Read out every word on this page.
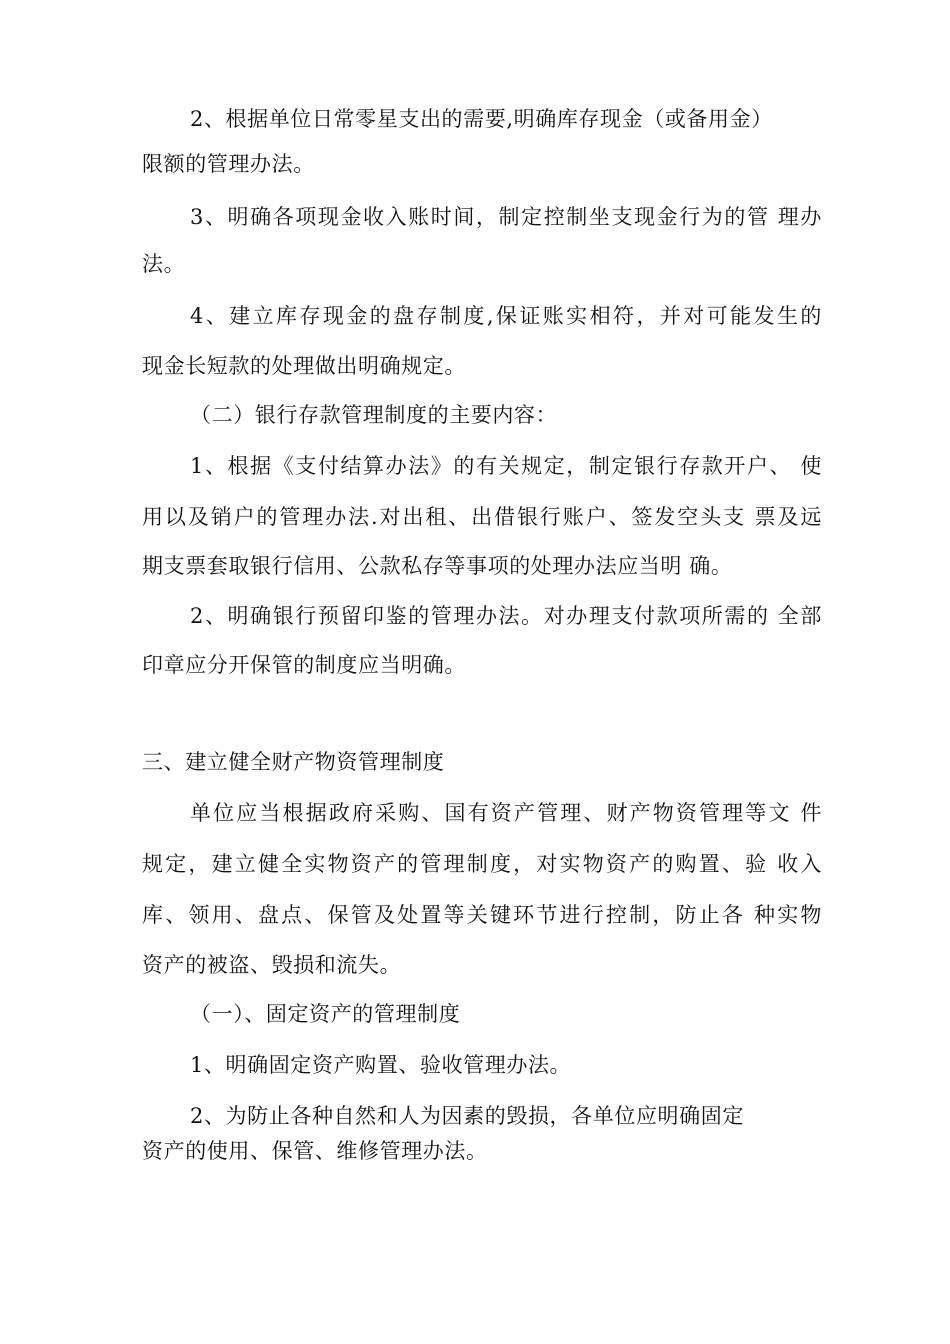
2、根据单位日常零星支出的需要,明确库存现金（或备用金）
限额的管理办法。
3、明确各项现金收入账时间，制定控制坐支现金行为的管 理办
法。
4、建立库存现金的盘存制度,保证账实相符，并对可能发生的
现金长短款的处理做出明确规定。
（二）银行存款管理制度的主要内容：
1、根据《支付结算办法》的有关规定，制定银行存款开户、 使
用以及销户的管理办法.对出租、出借银行账户、签发空头支 票及远
期支票套取银行信用、公款私存等事项的处理办法应当明 确。
2、明确银行预留印鉴的管理办法。对办理支付款项所需的 全部
印章应分开保管的制度应当明确。
三、建立健全财产物资管理制度
单位应当根据政府采购、国有资产管理、财产物资管理等文 件
规定，建立健全实物资产的管理制度，对实物资产的购置、验 收入
库、领用、盘点、保管及处置等关键环节进行控制，防止各 种实物
资产的被盗、毁损和流失。
（一）、固定资产的管理制度
1、明确固定资产购置、验收管理办法。
2、为防止各种自然和人为因素的毁损，各单位应明确固定
资产的使用、保管、维修管理办法。
